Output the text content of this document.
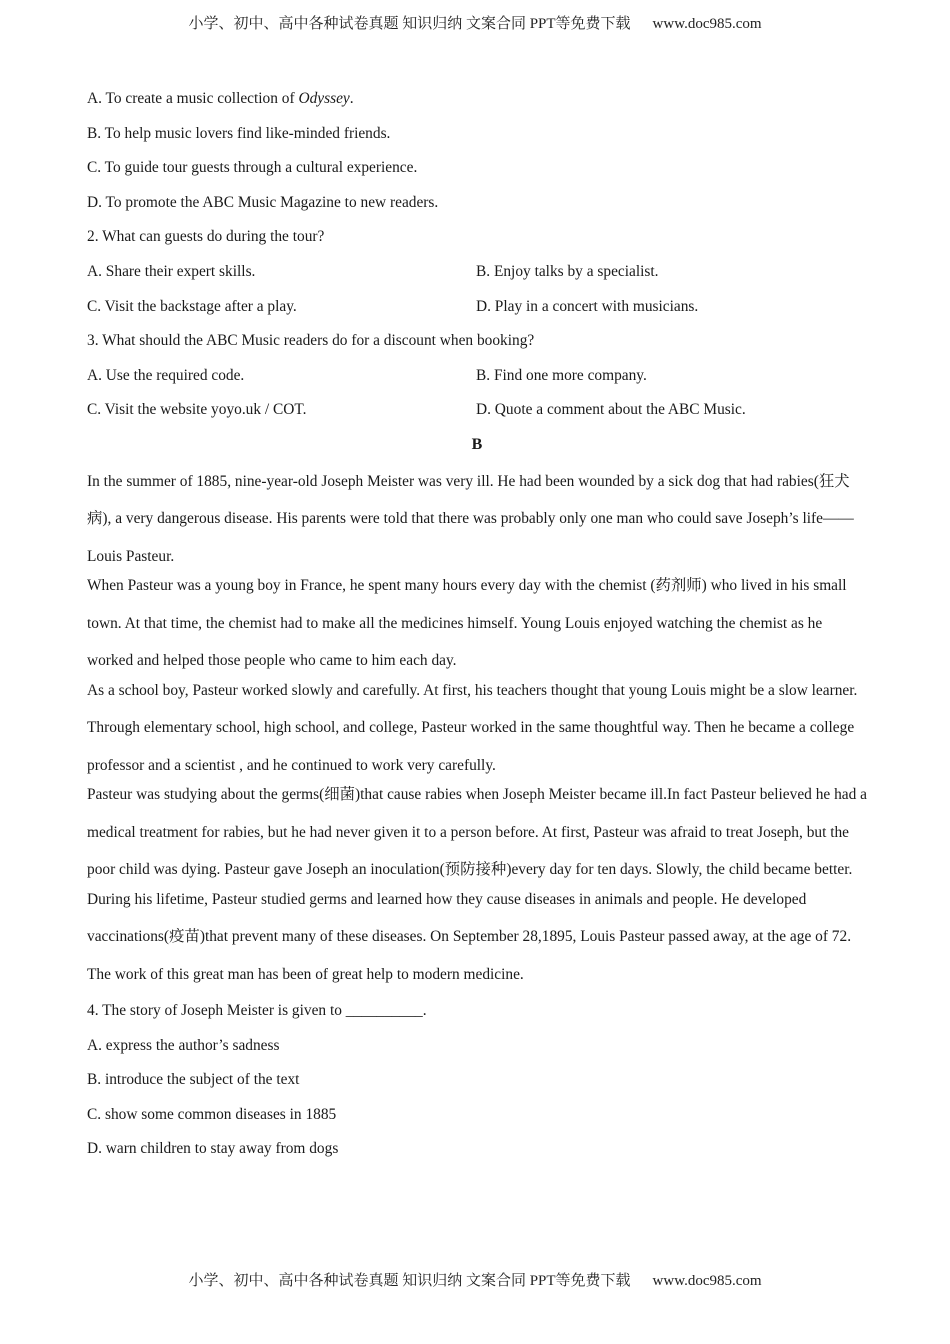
小学、初中、高中各种试卷真题 知识归纳 文案合同 PPT等免费下载 www.doc985.com
A. To create a music collection of Odyssey.
B. To help music lovers find like-minded friends.
C. To guide tour guests through a cultural experience.
D. To promote the ABC Music Magazine to new readers.
2. What can guests do during the tour?
A. Share their expert skills.	B. Enjoy talks by a specialist.
C. Visit the backstage after a play.	D. Play in a concert with musicians.
3. What should the ABC Music readers do for a discount when booking?
A. Use the required code.	B. Find one more company.
C. Visit the website yoyo.uk / COT.	D. Quote a comment about the ABC Music.
B
In the summer of 1885, nine-year-old Joseph Meister was very ill. He had been wounded by a sick dog that had rabies(狂犬病), a very dangerous disease. His parents were told that there was probably only one man who could save Joseph’s life——Louis Pasteur.
When Pasteur was a young boy in France, he spent many hours every day with the chemist (药剂师) who lived in his small town. At that time, the chemist had to make all the medicines himself. Young Louis enjoyed watching the chemist as he worked and helped those people who came to him each day.
As a school boy, Pasteur worked slowly and carefully. At first, his teachers thought that young Louis might be a slow learner. Through elementary school, high school, and college, Pasteur worked in the same thoughtful way. Then he became a college professor and a scientist , and he continued to work very carefully.
Pasteur was studying about the germs(细菌)that cause rabies when Joseph Meister became ill.In fact Pasteur believed he had a medical treatment for rabies, but he had never given it to a person before. At first, Pasteur was afraid to treat Joseph, but the poor child was dying. Pasteur gave Joseph an inoculation(预防接种)every day for ten days. Slowly, the child became better.
During his lifetime, Pasteur studied germs and learned how they cause diseases in animals and people. He developed vaccinations(疫苗)that prevent many of these diseases. On September 28,1895, Louis Pasteur passed away, at the age of 72. The work of this great man has been of great help to modern medicine.
4. The story of Joseph Meister is given to __________.
A. express the author’s sadness
B. introduce the subject of the text
C. show some common diseases in 1885
D. warn children to stay away from dogs
小学、初中、高中各种试卷真题 知识归纳 文案合同 PPT等免费下载 www.doc985.com
